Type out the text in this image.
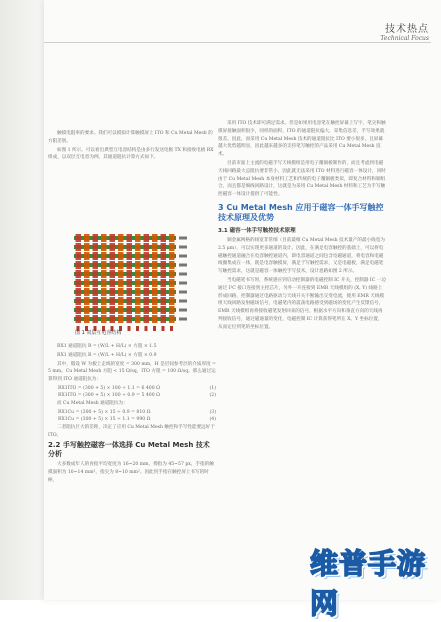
技术热点
Technical Focus

触摸电阻率的要求。我们可以模拟计算触摸屏上 ITO 和 Cu Metal Mesh 的方阻差别。

如图 1 所示，可以看出典型互电容结构是由多行发送电极 TX 和接收电极 RX 组成，以双层互电容为例，其通道阻抗计算方式如下。

图 1 双层互电容结构

RX1 通道阻抗 R = (W/L + H/L) × 方阻 × 1.5

RX1 通道阻抗 R = (W/L + H/L) × 方阻 × 0.9

其中，假设 W 为板上走线的宽度 = 300 mm，H 是层间参考层的介质厚度 = 5 mm。Cu Metal Mesh 方阻 < 15 Ω/sq，ITO 方阻 = 100 Ω/sq。那么通过运算得到 ITO 通道阻抗为：

RX1ITO = (300 + 5) × 100 ÷ 1.1 = 6 400 Ω	(1)
RX1ITO = (300 + 5) × 100 ÷ 0.9 = 5 400 Ω	(2)

而 Cu Metal Mesh 通道阻抗为：

RX1Cu = (300 + 5) × 15 ÷ 0.9 = 810 Ω	(3)
RX1Cu = (300 + 5) × 15 ÷ 1.1 = 990 Ω	(4)

二者阻抗巨大的差距，决定了应用 Cu Metal Mesh 触控和手写性能要远好于 ITO。

2.2 手写触控磁容一体选择 Cu Metal Mesh 技术分析

大多数成年人的食指平均宽度为 16~20 mm，拇指为 45~57 px，手指的触摸面积为 10~14 mm²，指尖为 8~10 mm²。因此用手指在触控屏上书写的时候，

采用 ITO 技术即可满足需求。但是如果用电容笔在触控屏幕上写字，笔尖和触摸屏接触面积很少，同样的面积，ITO 的通道阻抗偏大，采集信息差，手写效果就很差。因此，而采用 Cu Metal Mesh 技术的通道阻抗比 ITO 要小很多，且屏幕越大优势越明显，因此越来越多的支持笔写触控的产品采用 Cu Metal Mesh 技术。

目前市面上主流的电磁手写天线模组是用电子覆铜板制作的，而且考虑到电磁天线回路最大总阻抗要非常小，因此就无法采用 ITO 材料进行磁容一体设计，同时由于 Cu Metal Mesh 本身材料工艺和传统的电子覆铜板类似，即复合材料和铜组合，而且都是细线回路设计，这就是为采用 Cu Metal Mesh 材料和工艺为手写触控磁容一体设计提供了可能性。

3 Cu Metal Mesh 应用于磁容一体手写触控技术原理及优势
3.1 磁容一体手写触控技术原理

铜金属网格的线宽非常细（目前最细 Cu Metal Mesh 技术量产的最小线宽为 2.5 μm），可以实现更多通道的设计。因此，在满足电容触控的基础上，可以将电磁触控通道融合在电容触控通道内，即电容通道之间包含电磁通道，将电容和电磁线圈集成在一体，既是电容触摸屏，满足于写触控需求，又是电磁板，满足电磁笔写触控需求，这就是磁容一体触控手写技术，设计思路如图 2 所示。

当电磁笔书写时，系统感应到启动控制器的电磁控制 IC 开关，控制器 IC 一边通过 I²C 接口连接到主控芯片，另外一开连接到 EMR 天线模组的 (X, Y) 线路上形成回路，控制器通过电路驱动与天线开关不断输出交变电流，使用 EMR 天线模组天线回路发射磁场信号，电磁笔内的震荡电路感受到磁场的变化产生反馈信号，EMR 天线模组再将接收磁笔发射回来的信号，根据水平方向和垂直方向的天线再判接收信号，通过磁通量的变化，电磁控制 IC 计算获得笔所在 X、Y 坐标位置，从而定位到笔的坐标位置。

维普手游网
